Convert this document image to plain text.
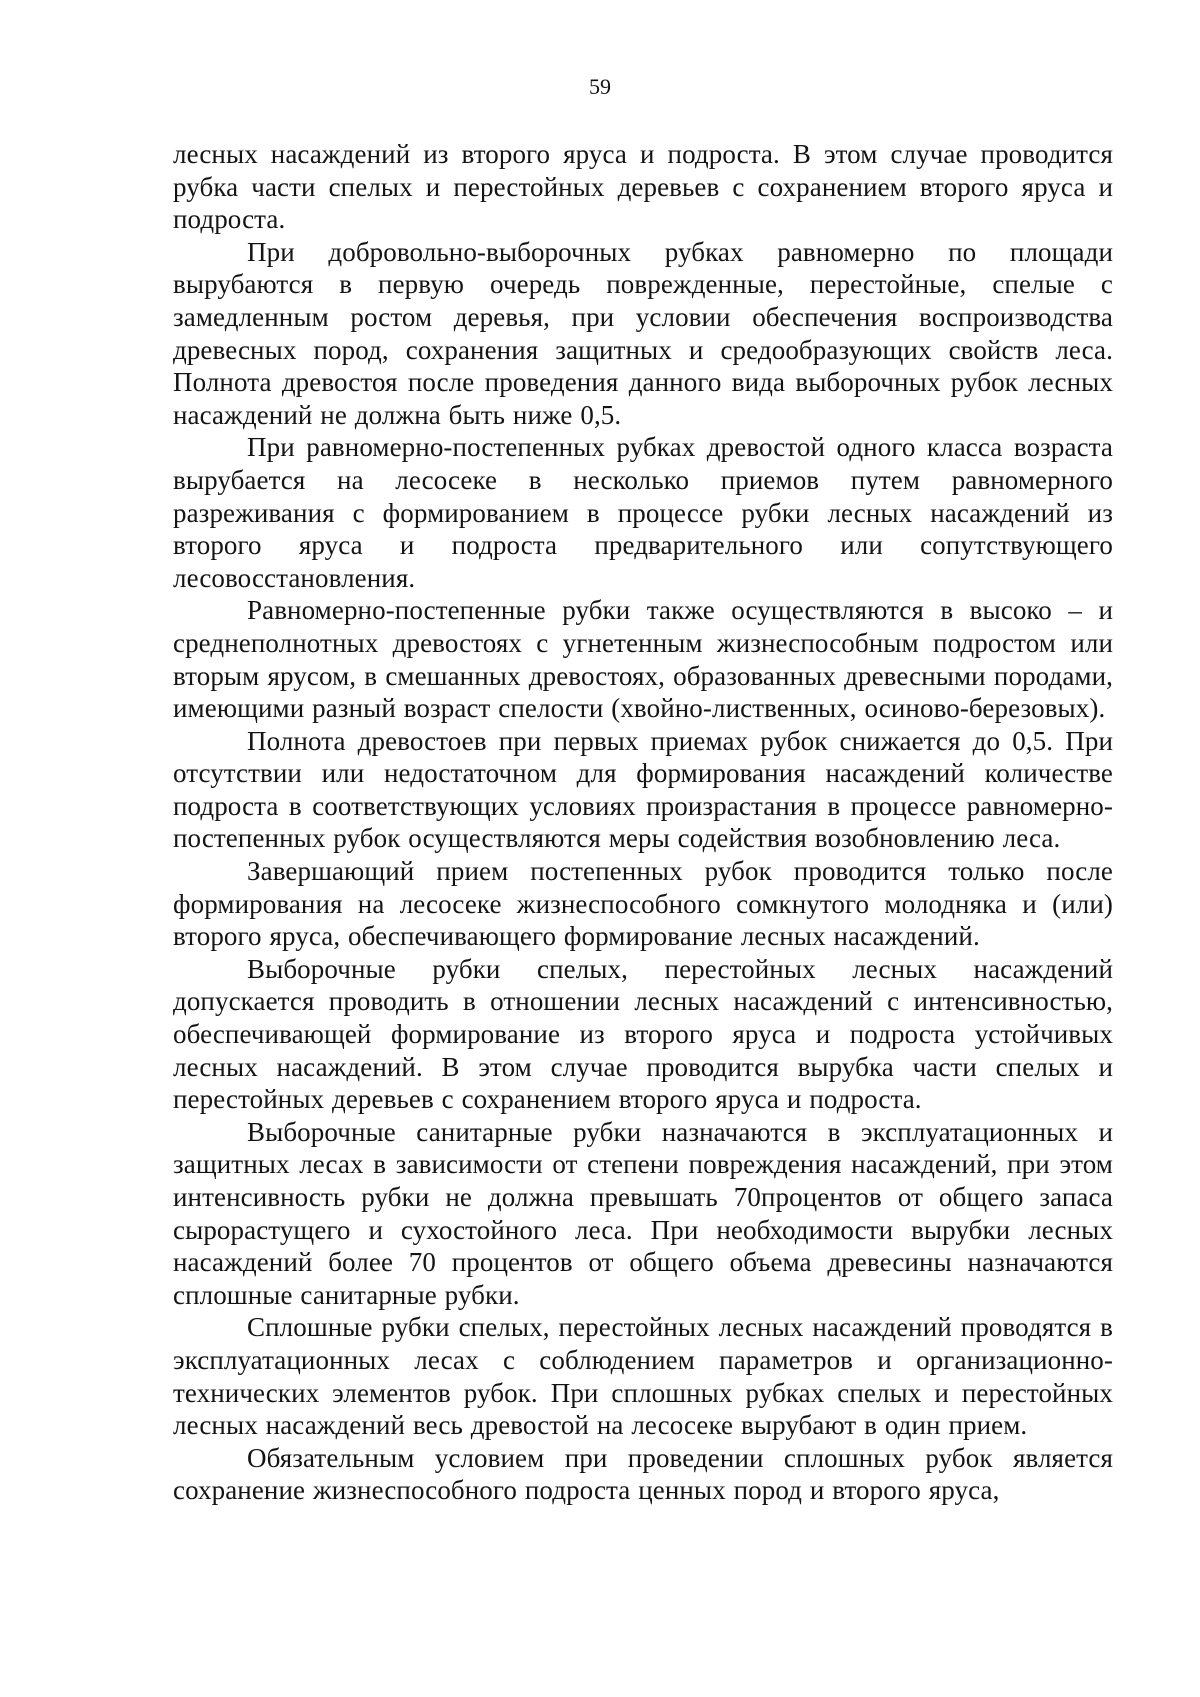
59

лесных насаждений из второго яруса и подроста. В этом случае проводится рубка части спелых и перестойных деревьев с сохранением второго яруса и подроста.

При добровольно-выборочных рубках равномерно по площади вырубаются в первую очередь поврежденные, перестойные, спелые с замедленным ростом деревья, при условии обеспечения воспроизводства древесных пород, сохранения защитных и средообразующих свойств леса. Полнота древостоя после проведения данного вида выборочных рубок лесных насаждений не должна быть ниже 0,5.

При равномерно-постепенных рубках древостой одного класса возраста вырубается на лесосеке в несколько приемов путем равномерного разреживания с формированием в процессе рубки лесных насаждений из второго яруса и подроста предварительного или сопутствующего лесовосстановления.

Равномерно-постепенные рубки также осуществляются в высоко – и среднеполнотных древостоях с угнетенным жизнеспособным подростом или вторым ярусом, в смешанных древостоях, образованных древесными породами, имеющими разный возраст спелости (хвойно-лиственных, осиново-березовых).

Полнота древостоев при первых приемах рубок снижается до 0,5. При отсутствии или недостаточном для формирования насаждений количестве подроста в соответствующих условиях произрастания в процессе равномерно-постепенных рубок осуществляются меры содействия возобновлению леса.

Завершающий прием постепенных рубок проводится только после формирования на лесосеке жизнеспособного сомкнутого молодняка и (или) второго яруса, обеспечивающего формирование лесных насаждений.

Выборочные рубки спелых, перестойных лесных насаждений допускается проводить в отношении лесных насаждений с интенсивностью, обеспечивающей формирование из второго яруса и подроста устойчивых лесных насаждений. В этом случае проводится вырубка части спелых и перестойных деревьев с сохранением второго яруса и подроста.

Выборочные санитарные рубки назначаются в эксплуатационных и защитных лесах в зависимости от степени повреждения насаждений, при этом интенсивность рубки не должна превышать 70процентов от общего запаса сырорастущего и сухостойного леса. При необходимости вырубки лесных насаждений более 70 процентов от общего объема древесины назначаются сплошные санитарные рубки.

Сплошные рубки спелых, перестойных лесных насаждений проводятся в эксплуатационных лесах с соблюдением параметров и организационно-технических элементов рубок. При сплошных рубках спелых и перестойных лесных насаждений весь древостой на лесосеке вырубают в один прием.

Обязательным условием при проведении сплошных рубок является сохранение жизнеспособного подроста ценных пород и второго яруса,
